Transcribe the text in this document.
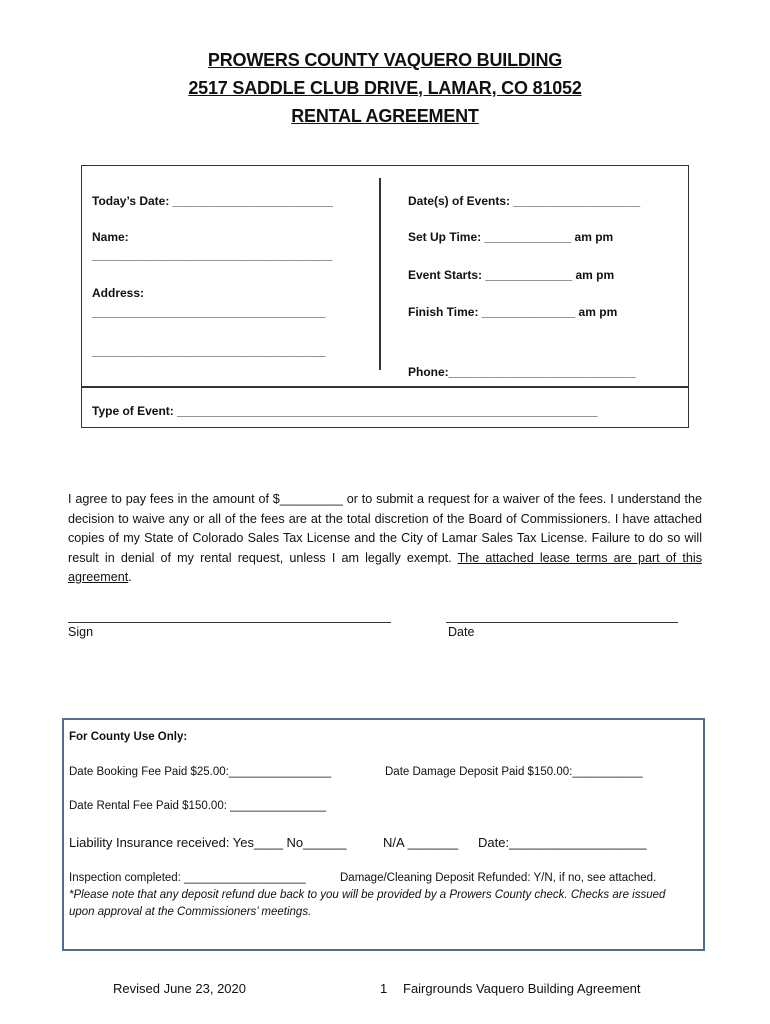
PROWERS COUNTY VAQUERO BUILDING
2517 SADDLE CLUB DRIVE, LAMAR, CO 81052
RENTAL AGREEMENT
Today’s Date: ________________________
Name:
____________________________________
Address:
___________________________________
___________________________________
Date(s) of Events: ___________________
Set Up Time: _____________ am pm
Event Starts: _____________ am pm
Finish Time: ______________ am pm
Phone:____________________________
Type of Event: _______________________________________________________________
I agree to pay fees in the amount of $_________ or to submit a request for a waiver of the fees. I understand the decision to waive any or all of the fees are at the total discretion of the Board of Commissioners. I have attached copies of my State of Colorado Sales Tax License and the City of Lamar Sales Tax License. Failure to do so will result in denial of my rental request, unless I am legally exempt. The attached lease terms are part of this agreement.
Sign	Date
For County Use Only:
Date Booking Fee Paid $25.00:________________	Date Damage Deposit Paid $150.00:___________
Date Rental Fee Paid $150.00: _______________
Liability Insurance received: Yes____ No______	N/A _______ Date:___________________
Inspection completed: ___________________	Damage/Cleaning Deposit Refunded: Y/N, if no, see attached.
*Please note that any deposit refund due back to you will be provided by a Prowers County check. Checks are issued upon approval at the Commissioners’ meetings.
Revised June 23, 2020	1 Fairgrounds Vaquero Building Agreement
